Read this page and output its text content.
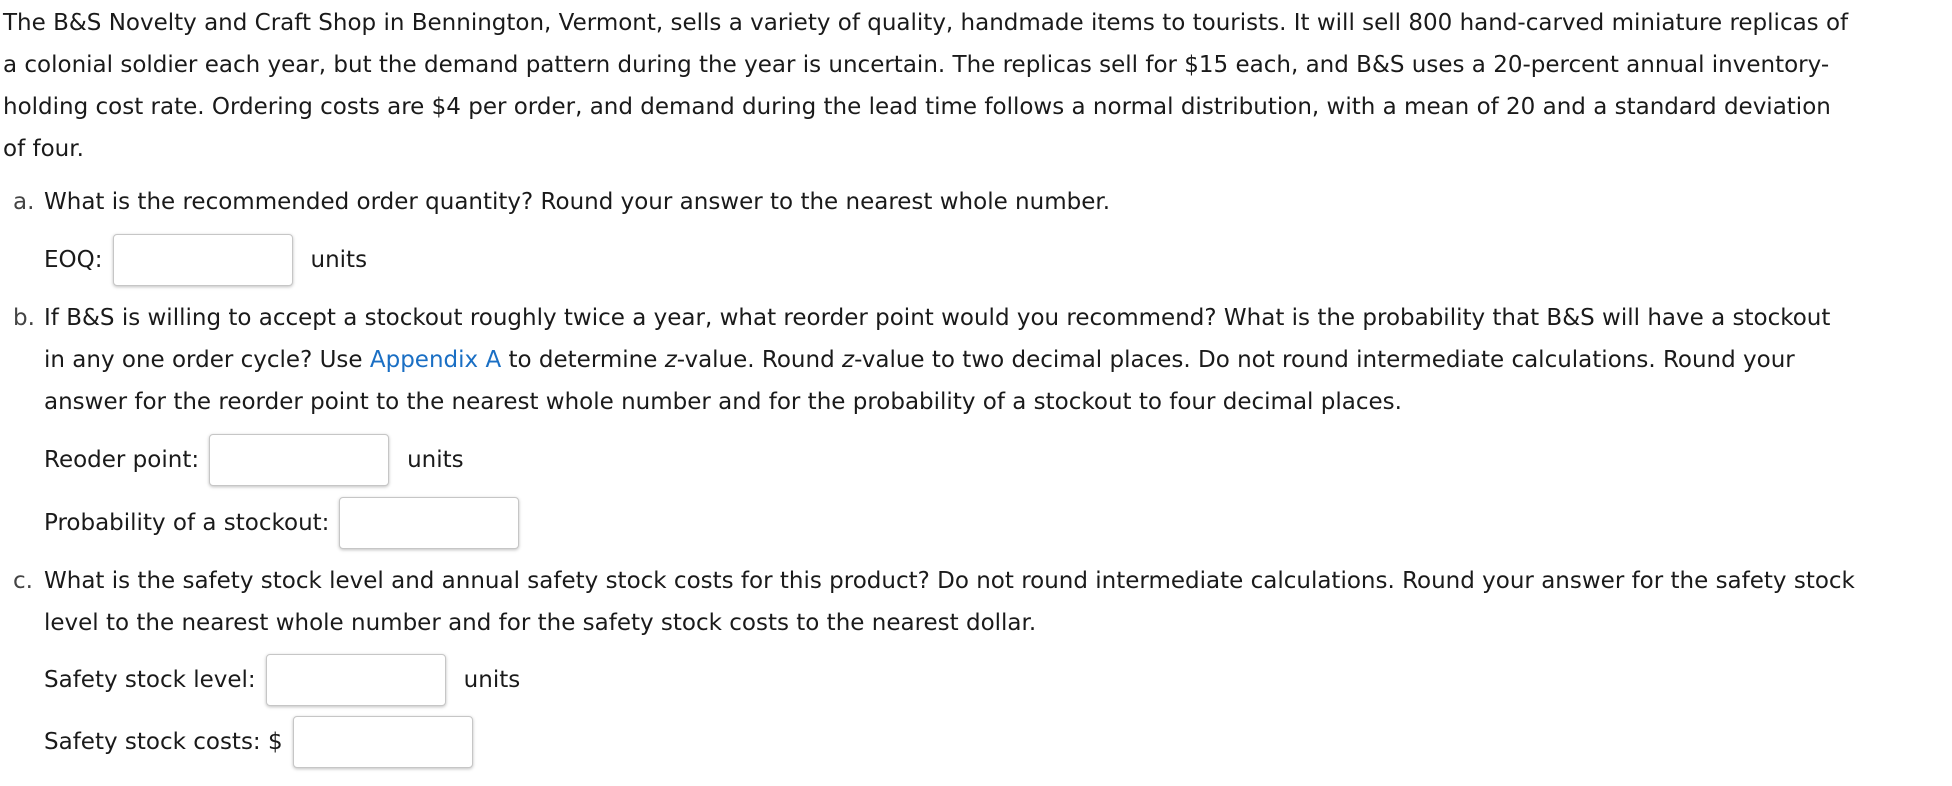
The B&S Novelty and Craft Shop in Bennington, Vermont, sells a variety of quality, handmade items to tourists. It will sell 800 hand-carved miniature replicas of
a colonial soldier each year, but the demand pattern during the year is uncertain. The replicas sell for $15 each, and B&S uses a 20-percent annual inventory-
holding cost rate. Ordering costs are $4 per order, and demand during the lead time follows a normal distribution, with a mean of 20 and a standard deviation
of four.
a. What is the recommended order quantity? Round your answer to the nearest whole number.
EOQ:	units
b. If B&S is willing to accept a stockout roughly twice a year, what reorder point would you recommend? What is the probability that B&S will have a stockout
in any one order cycle? Use Appendix A to determine z-value. Round z-value to two decimal places. Do not round intermediate calculations. Round your
answer for the reorder point to the nearest whole number and for the probability of a stockout to four decimal places.
Reoder point:	units
Probability of a stockout:
c. What is the safety stock level and annual safety stock costs for this product? Do not round intermediate calculations. Round your answer for the safety stock
level to the nearest whole number and for the safety stock costs to the nearest dollar.
Safety stock level:	units
Safety stock costs: $
